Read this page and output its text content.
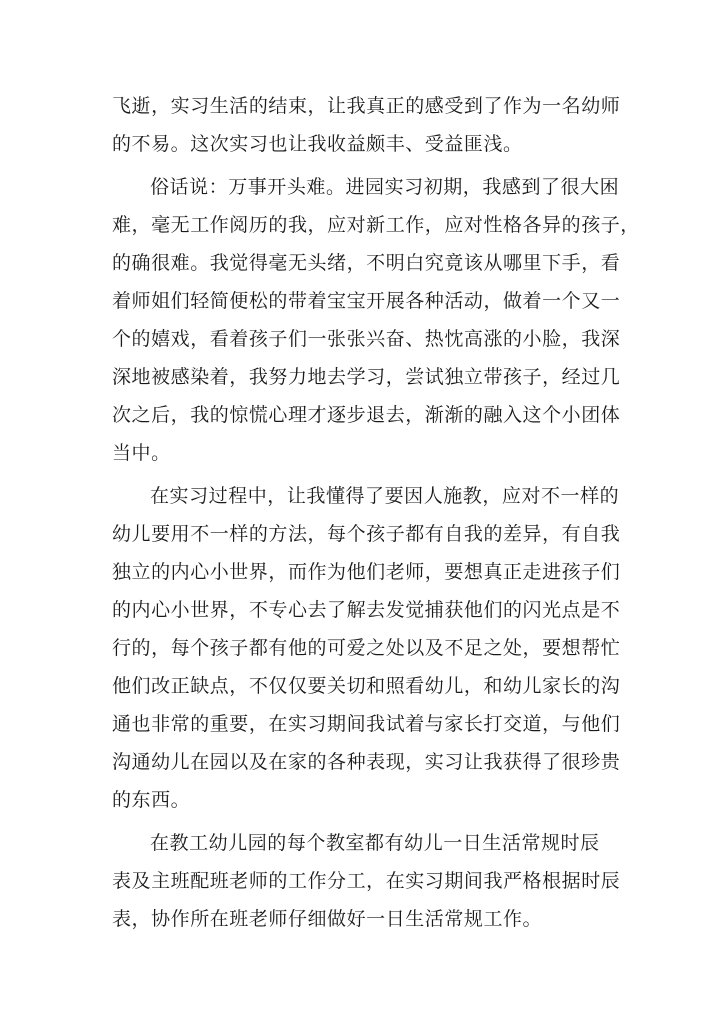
飞逝，实习生活的结束，让我真正的感受到了作为一名幼师
的不易。这次实习也让我收益颇丰、受益匪浅。
俗话说：万事开头难。进园实习初期，我感到了很大困
难，毫无工作阅历的我，应对新工作，应对性格各异的孩子，
的确很难。我觉得毫无头绪，不明白究竟该从哪里下手，看
着师姐们轻简便松的带着宝宝开展各种活动，做着一个又一
个的嬉戏，看着孩子们一张张兴奋、热忱高涨的小脸，我深
深地被感染着，我努力地去学习，尝试独立带孩子，经过几
次之后，我的惊慌心理才逐步退去，渐渐的融入这个小团体
当中。
在实习过程中，让我懂得了要因人施教，应对不一样的
幼儿要用不一样的方法，每个孩子都有自我的差异，有自我
独立的内心小世界，而作为他们老师，要想真正走进孩子们
的内心小世界，不专心去了解去发觉捕获他们的闪光点是不
行的，每个孩子都有他的可爱之处以及不足之处，要想帮忙
他们改正缺点，不仅仅要关切和照看幼儿，和幼儿家长的沟
通也非常的重要，在实习期间我试着与家长打交道，与他们
沟通幼儿在园以及在家的各种表现，实习让我获得了很珍贵
的东西。
在教工幼儿园的每个教室都有幼儿一日生活常规时辰
表及主班配班老师的工作分工，在实习期间我严格根据时辰
表，协作所在班老师仔细做好一日生活常规工作。
